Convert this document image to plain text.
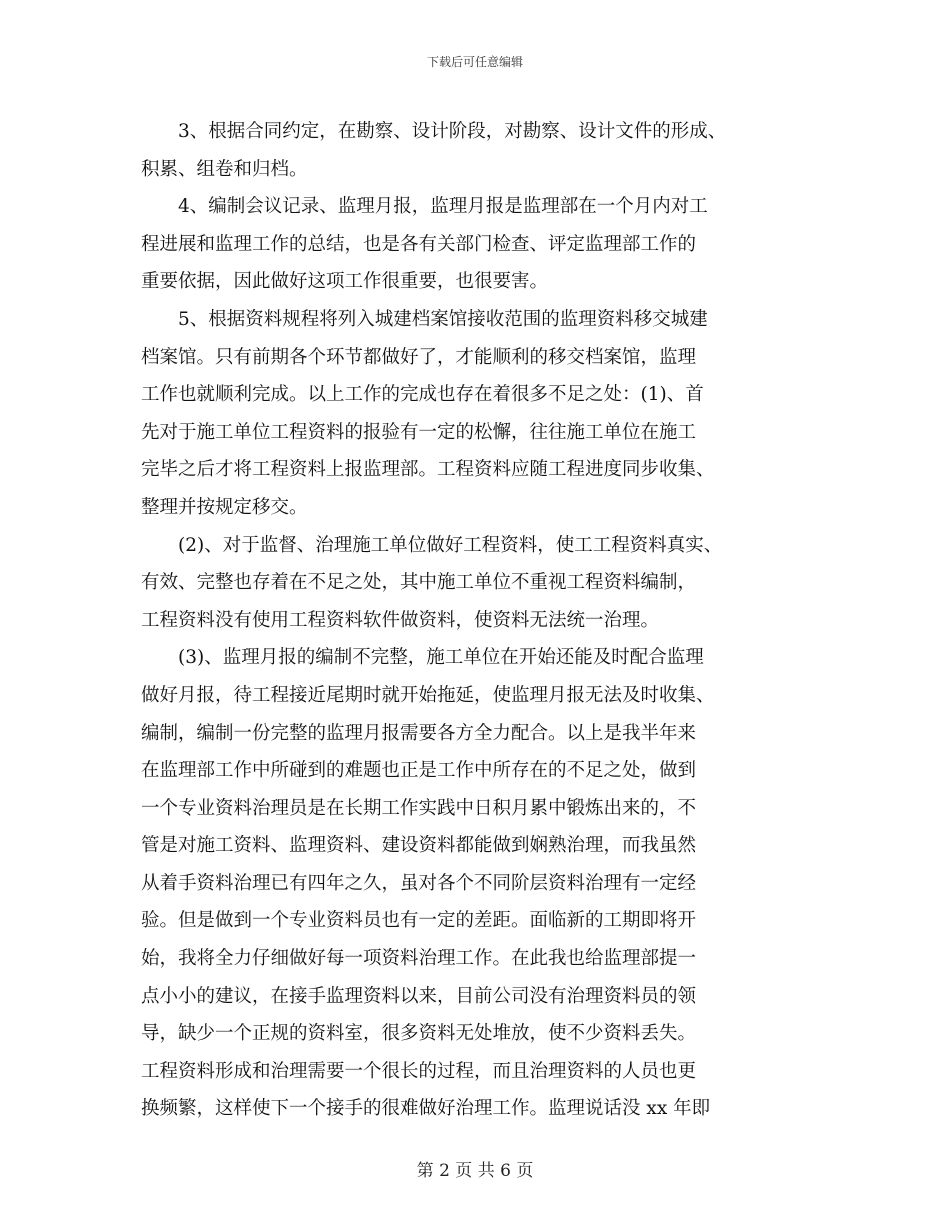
下载后可任意编辑
3、根据合同约定，在勘察、设计阶段，对勘察、设计文件的形成、
积累、组卷和归档。
4、编制会议记录、监理月报，监理月报是监理部在一个月内对工
程进展和监理工作的总结，也是各有关部门检查、评定监理部工作的
重要依据，因此做好这项工作很重要，也很要害。
5、根据资料规程将列入城建档案馆接收范围的监理资料移交城建
档案馆。只有前期各个环节都做好了，才能顺利的移交档案馆，监理
工作也就顺利完成。以上工作的完成也存在着很多不足之处：(1)、首
先对于施工单位工程资料的报验有一定的松懈，往往施工单位在施工
完毕之后才将工程资料上报监理部。工程资料应随工程进度同步收集、
整理并按规定移交。
(2)、对于监督、治理施工单位做好工程资料，使工工程资料真实、
有效、完整也存着在不足之处，其中施工单位不重视工程资料编制，
工程资料没有使用工程资料软件做资料，使资料无法统一治理。
(3)、监理月报的编制不完整，施工单位在开始还能及时配合监理
做好月报，待工程接近尾期时就开始拖延，使监理月报无法及时收集、
编制，编制一份完整的监理月报需要各方全力配合。以上是我半年来
在监理部工作中所碰到的难题也正是工作中所存在的不足之处，做到
一个专业资料治理员是在长期工作实践中日积月累中锻炼出来的，不
管是对施工资料、监理资料、建设资料都能做到娴熟治理，而我虽然
从着手资料治理已有四年之久，虽对各个不同阶层资料治理有一定经
验。但是做到一个专业资料员也有一定的差距。面临新的工期即将开
始，我将全力仔细做好每一项资料治理工作。在此我也给监理部提一
点小小的建议，在接手监理资料以来，目前公司没有治理资料员的领
导，缺少一个正规的资料室，很多资料无处堆放，使不少资料丢失。
工程资料形成和治理需要一个很长的过程，而且治理资料的人员也更
换频繁，这样使下一个接手的很难做好治理工作。监理说话没 xx 年即
第 2 页 共 6 页
